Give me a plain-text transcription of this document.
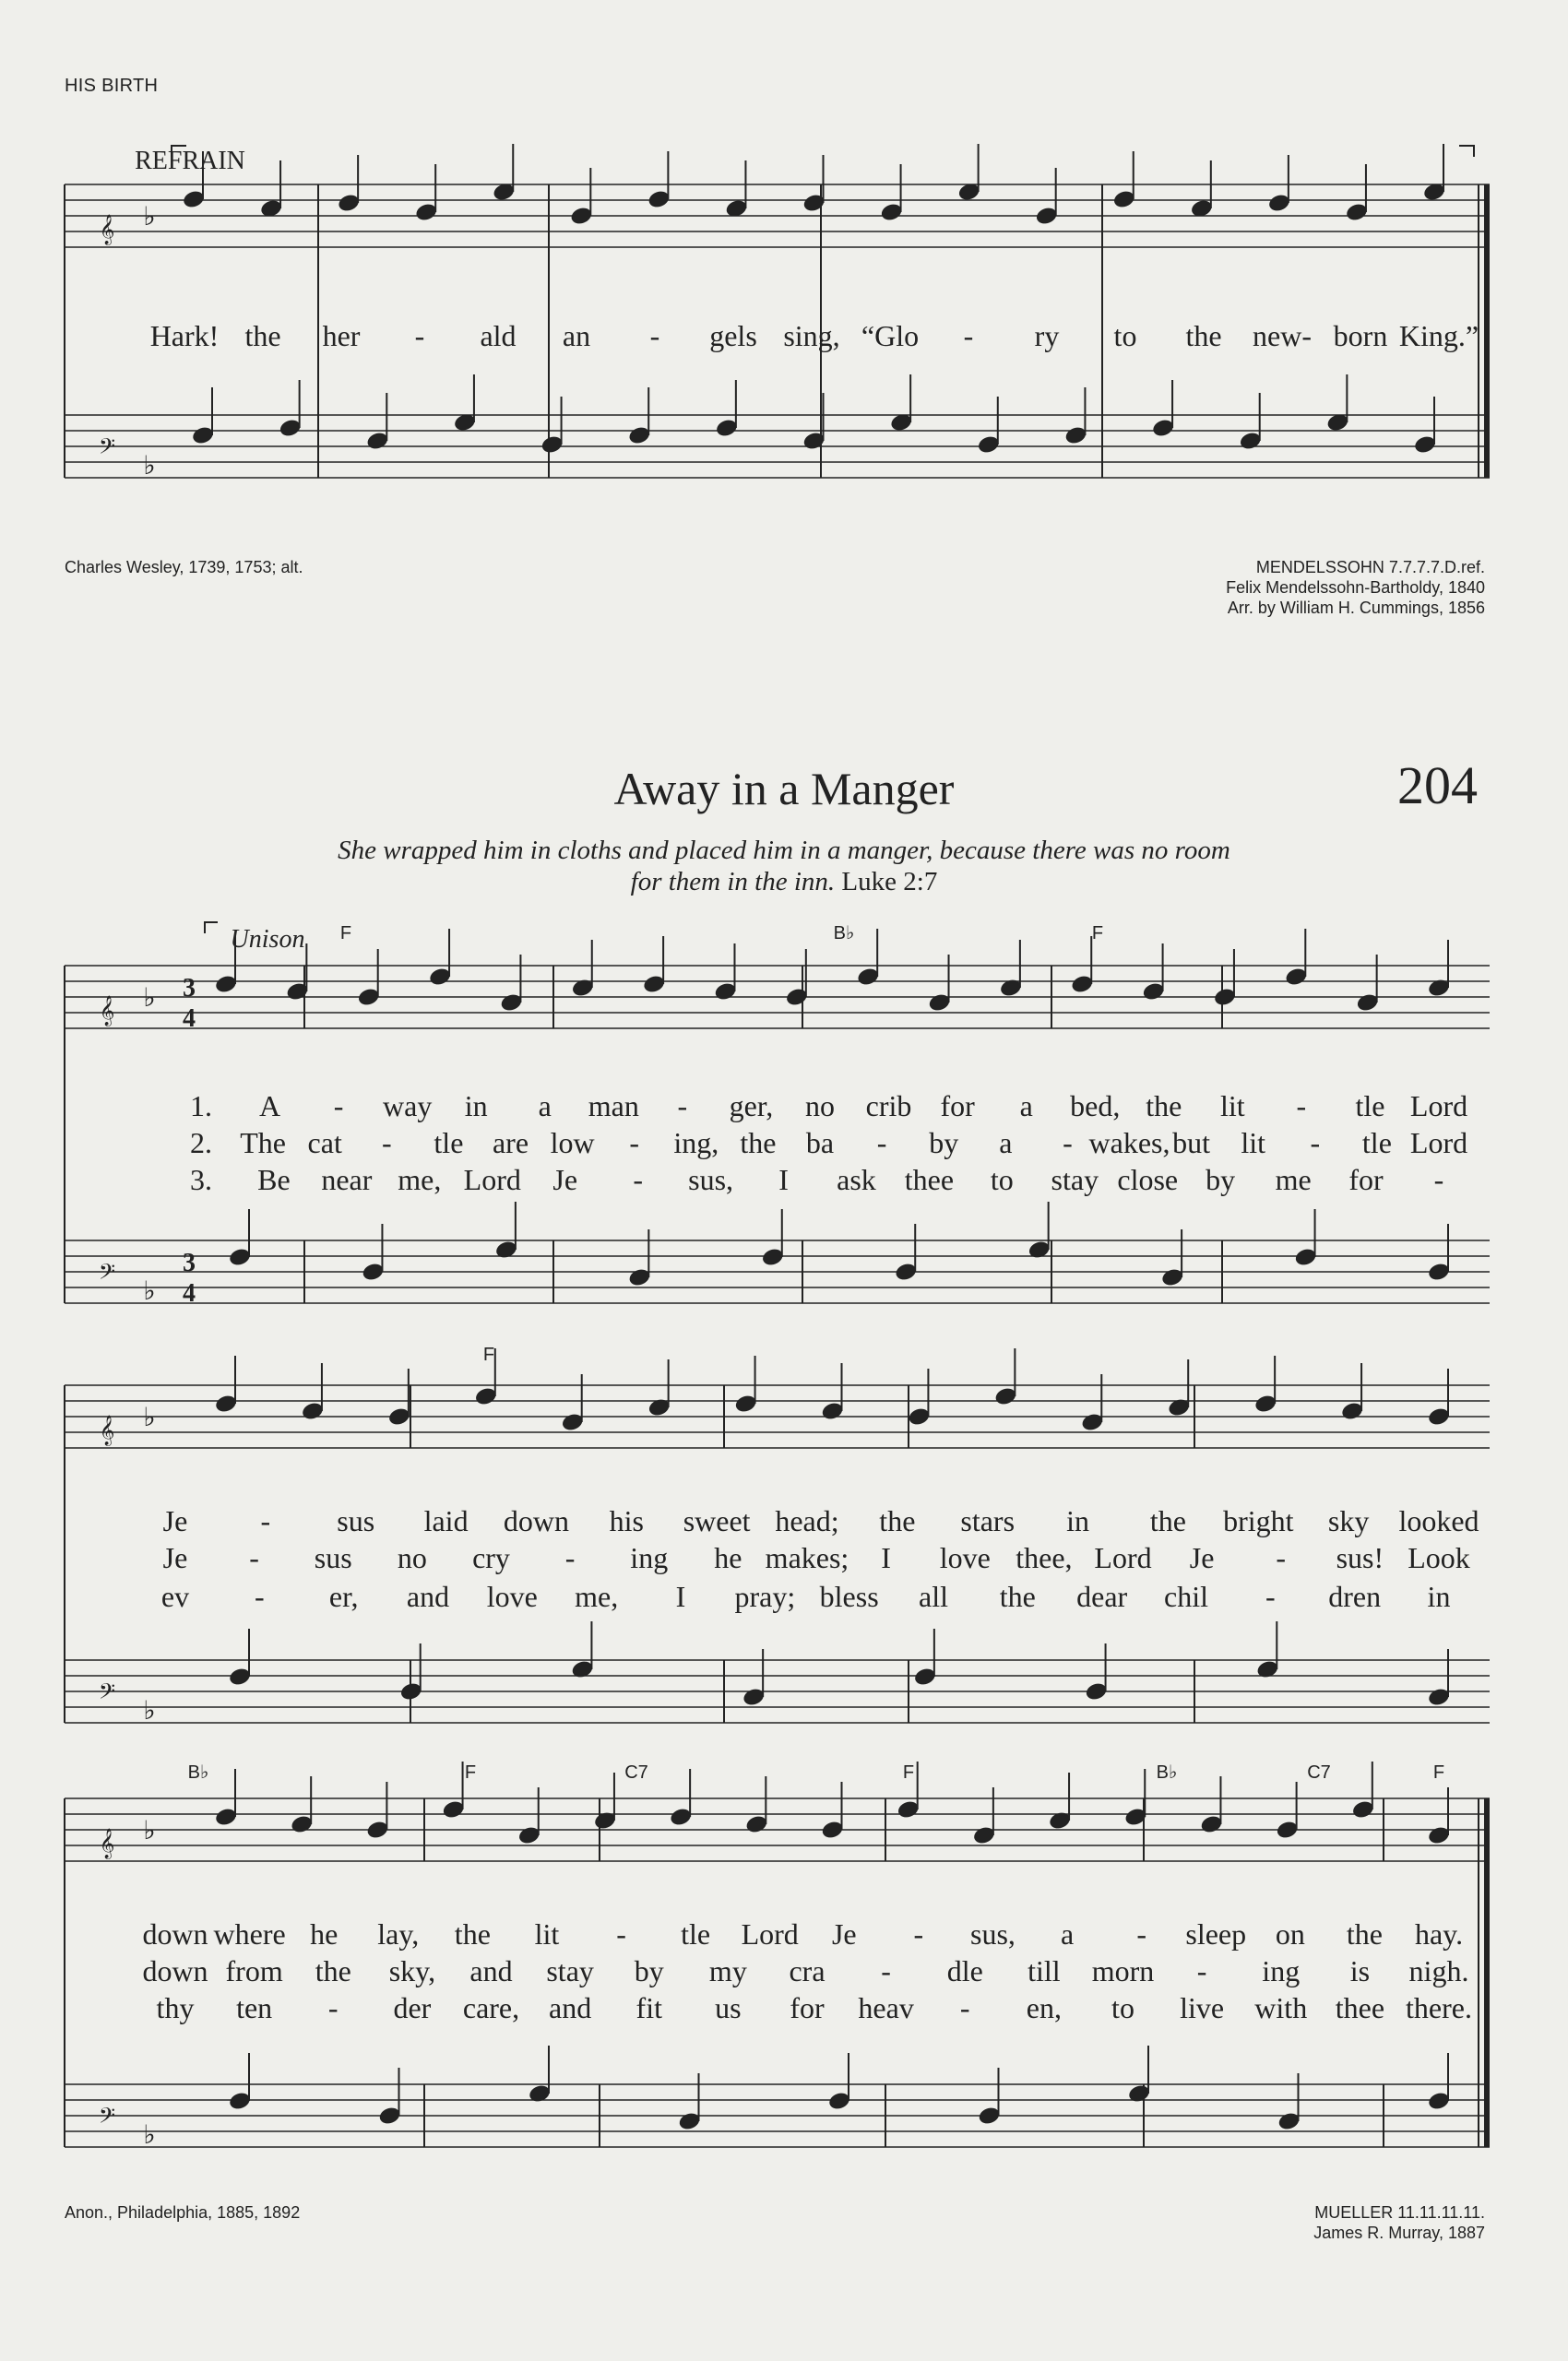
HIS BIRTH
Charles Wesley, 1739, 1753; alt.	MENDELSSOHN 7.7.7.7.D.ref.
Felix Mendelssohn-Bartholdy, 1840
Arr. by William H. Cummings, 1856
Away in a Manger	204
She wrapped him in cloths and placed him in a manger, because there was no room
for them in the inn. Luke 2:7
Anon., Philadelphia, 1885, 1892	MUELLER 11.11.11.11.
James R. Murray, 1887
𝄞
𝄢
♭
♭
REFRAIN
Hark! the her - ald an - gels sing, “Glo - ry to the new- born King.”
𝄞
𝄢
♭
♭
F	B♭	F
1. A - way in a man - ger, no crib for a bed, the lit - tle Lord
2. The cat - tle are low - ing, the ba - by a - wakes, but lit - tle Lord
3. Be near me, Lord Je - sus, I ask thee to stay close by me for -
𝄞
𝄢
♭
♭
F
Je - sus laid down his sweet head; the stars in the bright sky looked
Je - sus no cry - ing he makes; I love thee, Lord Je - sus! Look
ev - er, and love me, I pray; bless all the dear chil - dren in
𝄞
𝄢
♭
♭
B♭	F	C7	F	B♭	C7	F
down where he lay, the lit - tle Lord Je - sus, a - sleep on the hay.
down from the sky, and stay by my cra - dle till morn - ing is nigh.
thy ten - der care, and fit us for heav - en, to live with thee there.
3
4
3
4
Unison
